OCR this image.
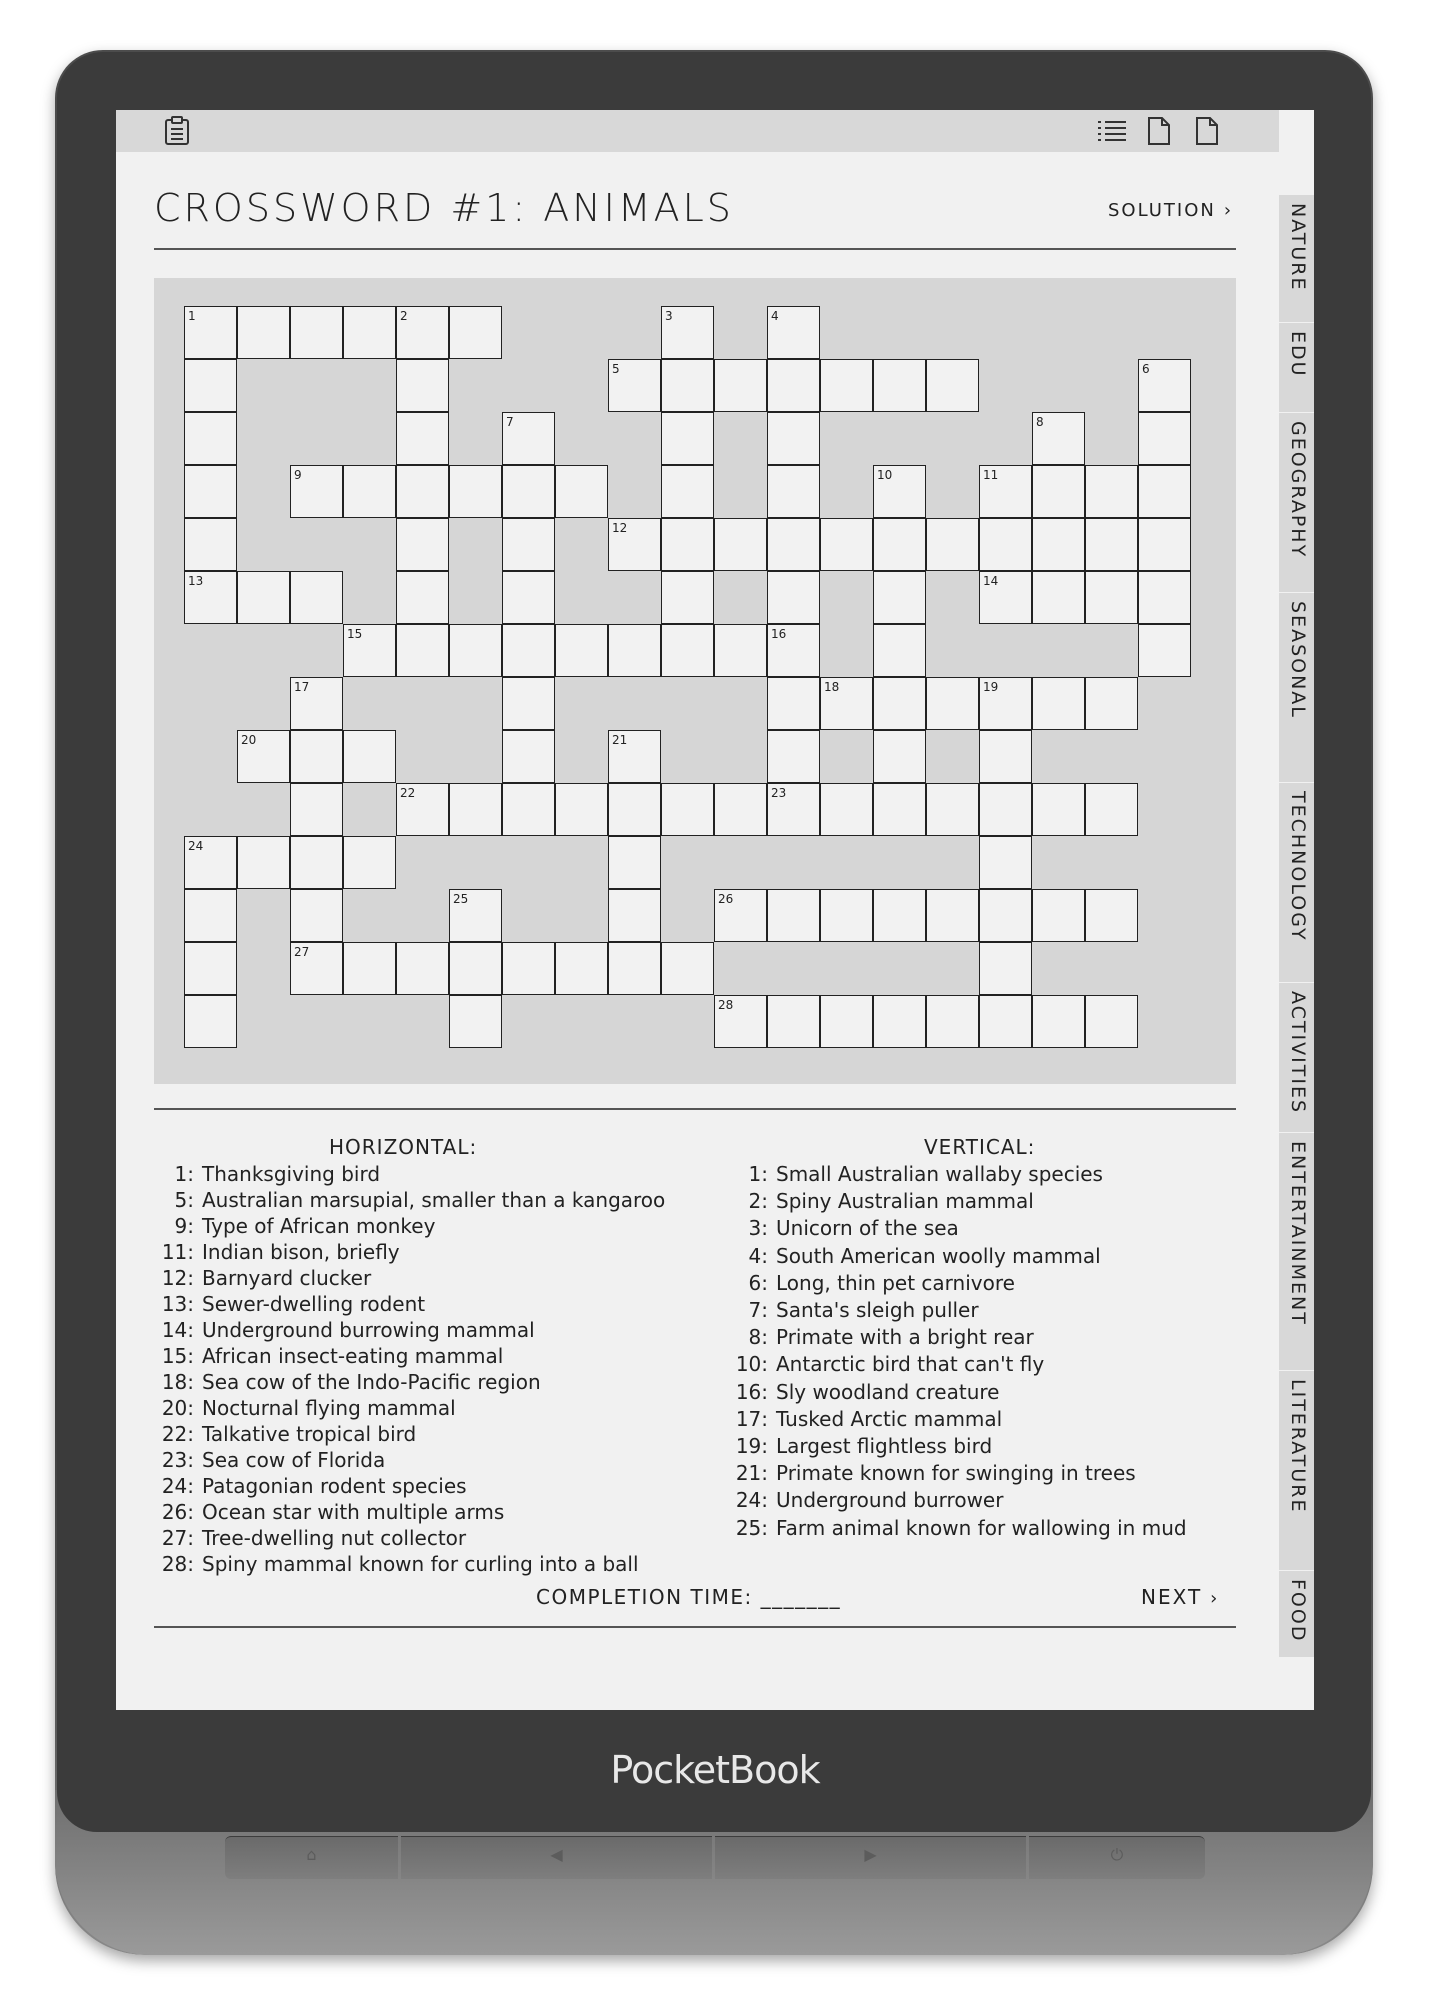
CROSSWORD #1: ANIMALS	SOLUTION ›
1	2
5
9	11
12
13	14
15	16
18	19
20
22	23
24
26
27
28
3	4
6
7	8
10
17
21
25
HORIZONTAL:	VERTICAL:
1: Thanksgiving bird
5: Australian marsupial, smaller than a kangaroo
9: Type of African monkey
11: Indian bison, briefly
12: Barnyard clucker
13: Sewer-dwelling rodent
14: Underground burrowing mammal
15: African insect-eating mammal
18: Sea cow of the Indo-Pacific region
20: Nocturnal flying mammal
22: Talkative tropical bird
23: Sea cow of Florida
24: Patagonian rodent species
26: Ocean star with multiple arms
27: Tree-dwelling nut collector
28: Spiny mammal known for curling into a ball
1: Small Australian wallaby species
2: Spiny Australian mammal
3: Unicorn of the sea
4: South American woolly mammal
6: Long, thin pet carnivore
7: Santa's sleigh puller
8: Primate with a bright rear
10: Antarctic bird that can't fly
16: Sly woodland creature
17: Tusked Arctic mammal
19: Largest flightless bird
21: Primate known for swinging in trees
24: Underground burrower
25: Farm animal known for wallowing in mud
COMPLETION TIME: _______	NEXT ›
NATURE
EDU
GEOGRAPHY
SEASONAL
TECHNOLOGY
ACTIVITIES
ENTERTAINMENT
LITERATURE
FOOD
PocketBook
⌂	◀	▶	⏻
